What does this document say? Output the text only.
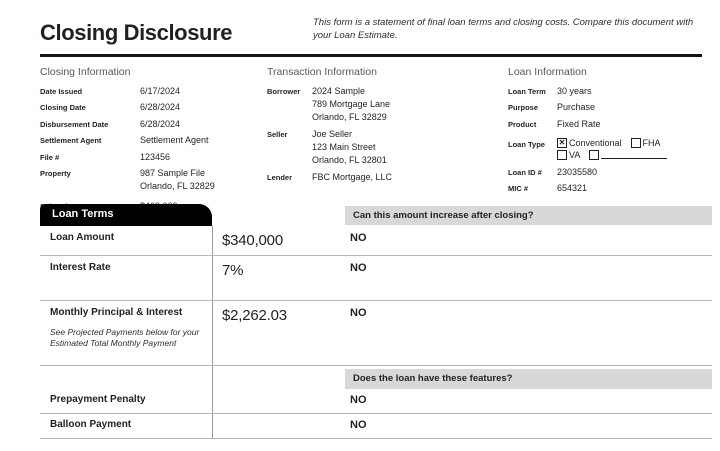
Closing Disclosure	This form is a statement of final loan terms and closing costs. Compare this document with your Loan Estimate.
Closing Information
Date Issued	6/17/2024
Closing Date	6/28/2024
Disbursement Date	6/28/2024
Settlement Agent	Settlement Agent
File #	123456
Property	987 Sample File
Orlando, FL 32829
Transaction Information
Borrower	2024 Sample
789 Mortgage Lane
Orlando, FL 32829
Seller	Joe Seller
123 Main Street
Orlando, FL 32801
Lender	FBC Mortgage, LLC
Loan Information
Loan Term	30 years
Purpose	Purchase
Product	Fixed Rate
Loan Type	✕ Conventional FHA
VA
Loan ID #	23035580
MIC #	654321
Loan Terms	Can this amount increase after closing?
Loan Amount	$340,000	NO
Interest Rate	7%	NO
Monthly Principal & Interest
See Projected Payments below for your Estimated Total Monthly Payment
$2,262.03	NO
Does the loan have these features?
Prepayment Penalty	NO
Balloon Payment	NO
